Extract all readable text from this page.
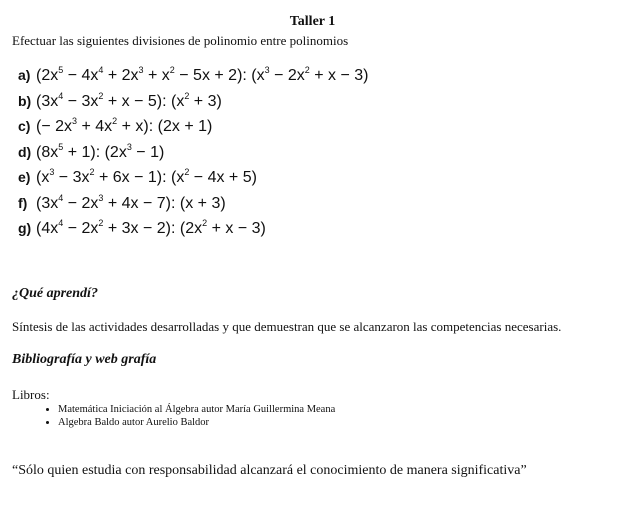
Taller 1
Efectuar las siguientes divisiones de polinomio entre polinomios
a) $(2x^5 - 4x^4 + 2x^3 + x^2 - 5x + 2)$: $(x^3 - 2x^2 + x - 3)$
b) $(3x^4 - 3x^2 + x - 5)$: $(x^2 + 3)$
c) (− $2x^3 + 4x^2 + x$): (2x + 1)
d) $(8x^5 + 1)$: $(2x^3 - 1)$
e) $(x^3 - 3x^2 + 6x - 1)$: $(x^2 - 4x + 5)$
f) $(3x^4 - 2x^3 + 4x - 7)$: (x + 3)
g) $(4x^4 - 2x^2 + 3x - 2)$: $(2x^2 + x - 3)$
¿Qué aprendí?
Síntesis de las actividades desarrolladas y que demuestran que se alcanzaron las competencias necesarias.
Bibliografía y web grafía
Libros:
• Matemática Iniciación al Álgebra autor María Guillermina Meana
• Algebra Baldo autor Aurelio Baldor
“Sólo quien estudia con responsabilidad alcanzará el conocimiento de manera significativa”
